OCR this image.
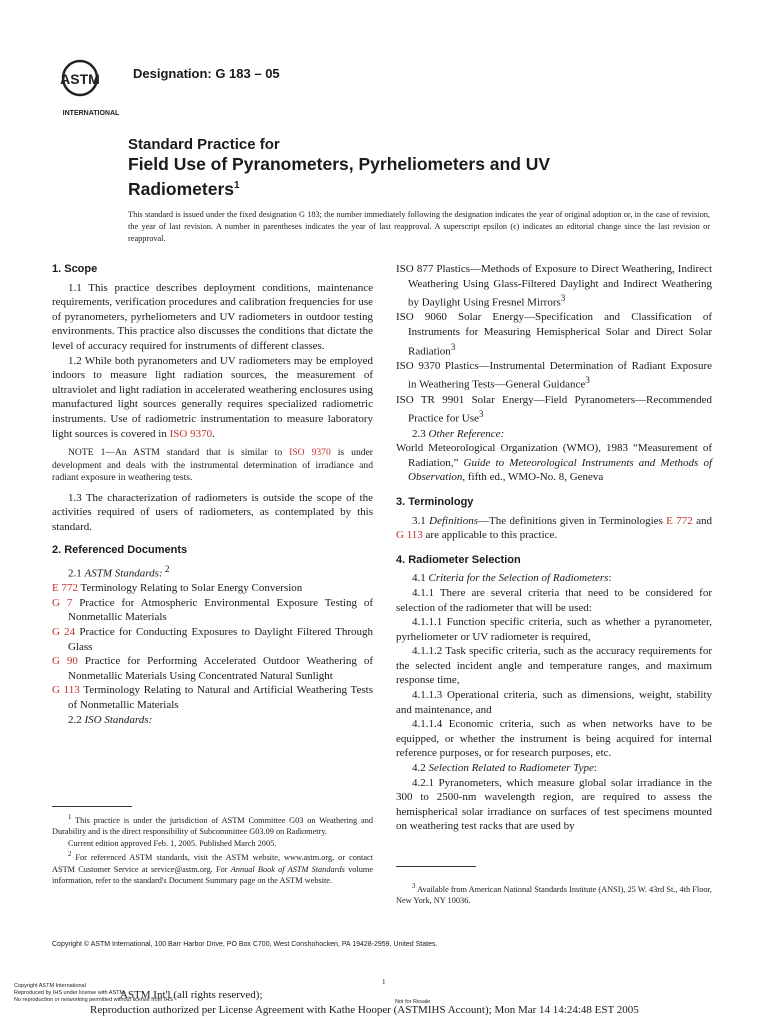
ASTM
INTERNATIONAL
Designation: G 183 – 05
Standard Practice for
Field Use of Pyranometers, Pyrheliometers and UV
Radiometers$^1$
This standard is issued under the fixed designation G 183; the number immediately following the designation indicates the year of original adoption or, in the case of revision, the year of last revision. A number in parentheses indicates the year of last reapproval. A superscript epsilon (ϵ) indicates an editorial change since the last revision or reapproval.
1. Scope

1.1 This practice describes deployment conditions, maintenance requirements, verification procedures and calibration frequencies for use of pyranometers, pyrheliometers and UV radiometers in outdoor testing environments. This practice also discusses the conditions that dictate the level of accuracy required for instruments of different classes.

1.2 While both pyranometers and UV radiometers may be employed indoors to measure light radiation sources, the measurement of ultraviolet and light radiation in accelerated weathering enclosures using manufactured light sources generally requires specialized radiometric instruments. Use of radiometric instrumentation to measure laboratory light sources is covered in ISO 9370.

NOTE 1—An ASTM standard that is similar to ISO 9370 is under development and deals with the instrumental determination of irradiance and radiant exposure in weathering tests.

1.3 The characterization of radiometers is outside the scope of the activities required of users of radiometers, as contemplated by this standard.

2. Referenced Documents

2.1 ASTM Standards: $^2$

E 772 Terminology Relating to Solar Energy Conversion
G 7 Practice for Atmospheric Environmental Exposure Testing of Nonmetallic Materials
G 24 Practice for Conducting Exposures to Daylight Filtered Through Glass
G 90 Practice for Performing Accelerated Outdoor Weathering of Nonmetallic Materials Using Concentrated Natural Sunlight
G 113 Terminology Relating to Natural and Artificial Weathering Tests of Nonmetallic Materials

2.2 ISO Standards:

$^1$ This practice is under the jurisdiction of ASTM Committee G03 on Weathering and Durability and is the direct responsibility of Subcommittee G03.09 on Radiometry.

Current edition approved Feb. 1, 2005. Published March 2005.

$^2$ For referenced ASTM standards, visit the ASTM website, www.astm.org, or contact ASTM Customer Service at service@astm.org. For Annual Book of ASTM Standards volume information, refer to the standard's Document Summary page on the ASTM website.

ISO 877 Plastics—Methods of Exposure to Direct Weathering, Indirect Weathering Using Glass-Filtered Daylight and Indirect Weathering by Daylight Using Fresnel Mirrors$^3$
ISO 9060 Solar Energy—Specification and Classification of Instruments for Measuring Hemispherical Solar and Direct Solar Radiation$^3$
ISO 9370 Plastics—Instrumental Determination of Radiant Exposure in Weathering Tests—General Guidance$^3$
ISO TR 9901 Solar Energy—Field Pyranometers—Recommended Practice for Use$^3$

2.3 Other Reference:

World Meteorological Organization (WMO), 1983 “Measurement of Radiation,” Guide to Meteorological Instruments and Methods of Observation, fifth ed., WMO-No. 8, Geneva
3. Terminology

3.1 Definitions—The definitions given in Terminologies E 772 and G 113 are applicable to this practice.

4. Radiometer Selection

4.1 Criteria for the Selection of Radiometers:

4.1.1 There are several criteria that need to be considered for selection of the radiometer that will be used:

4.1.1.1 Function specific criteria, such as whether a pyranometer, pyrheliometer or UV radiometer is required,

4.1.1.2 Task specific criteria, such as the accuracy requirements for the selected incident angle and temperature ranges, and maximum response time,

4.1.1.3 Operational criteria, such as dimensions, weight, stability and maintenance, and

4.1.1.4 Economic criteria, such as when networks have to be equipped, or whether the instrument is being acquired for internal reference purposes, or for research purposes, etc.

4.2 Selection Related to Radiometer Type:

4.2.1 Pyranometers, which measure global solar irradiance in the 300 to 2500-nm wavelength region, are required to assess the hemispherical solar irradiance on surfaces of test specimens mounted on weathering test racks that are used by

$^3$ Available from American National Standards Institute (ANSI), 25 W. 43rd St., 4th Floor, New York, NY 10036.

Copyright © ASTM International, 100 Barr Harbor Drive, PO Box C700, West Conshohocken, PA 19428-2959, United States.
1
Copyright ASTM International
Reproduced by IHS under license with ASTM
No reproduction or networking permitted without license from IHS	Not for Resale
ASTM Int'l (all rights reserved);
Reproduction authorized per License Agreement with Kathe Hooper (ASTMIHS Account); Mon Mar 14 14:24:48 EST 2005
